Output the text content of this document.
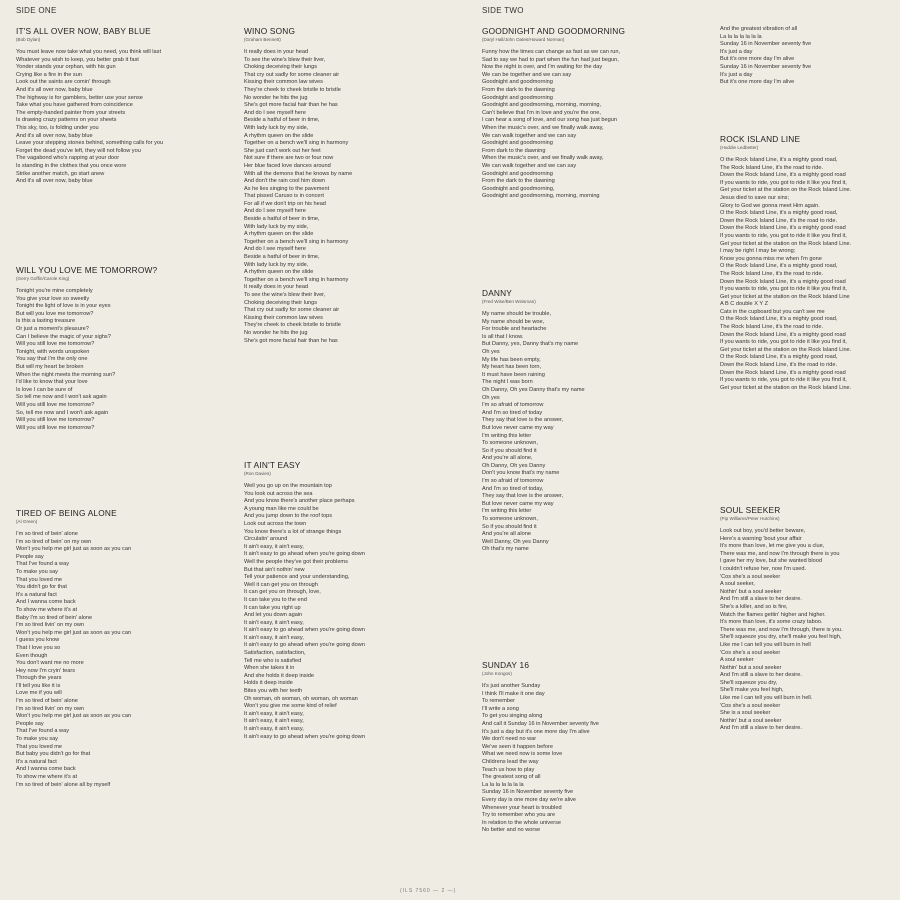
SIDE ONE	SIDE TWO
IT'S ALL OVER NOW, BABY BLUE
(Bob Dylan)
You must leave now take what you need, you think will last
Whatever you wish to keep, you better grab it fast
Yonder stands your orphan, with his gun
Crying like a fire in the sun
Look out the saints are comin' through
And it's all over now, baby blue
The highway is for gamblers, better use your sense
Take what you have gathered from coincidence
The empty-handed painter from your streets
Is drawing crazy patterns on your sheets
This sky, too, is folding under you
And it's all over now, baby blue
Leave your stepping stones behind, something calls for you
Forget the dead you've left, they will not follow you
The vagabond who's rapping at your door
Is standing in the clothes that you once wore
Strike another match, go start anew
And it's all over now, baby blue
WILL YOU LOVE ME TOMORROW?
(Gerry Goffin/Carole King)
Tonight you're mine completely
You give your love so sweetly
Tonight the light of love is in your eyes
But will you love me tomorrow?
Is this a lasting treasure
Or just a moment's pleasure?
Can I believe the magic of your sighs?
Will you still love me tomorrow?
Tonight, with words unspoken
You say that I'm the only one
But will my heart be broken
When the night meets the morning sun?
I'd like to know that your love
Is love I can be sure of
So tell me now and I won't ask again
Will you still love me tomorrow?
So, tell me now and I won't ask again
Will you still love me tomorrow?
Will you still love me tomorrow?
TIRED OF BEING ALONE
(Al Green)
I'm so tired of bein' alone
I'm so tired of bein' on my own
Won't you help me girl just as soon as you can
People say
That I've found a way
To make you say
That you loved me
You didn't go for that
It's a natural fact
And I wanna come back
To show me where it's at
Baby I'm so tired of bein' alone
I'm so tired livin' on my own
Won't you help me girl just as soon as you can
I guess you know
That I love you so
Even though
You don't want me no more
Hey now I'm cryin' tears
Through the years
I'll tell you like it is
Love me if you will
I'm so tired of bein' alone
I'm so tired livin' on my own
Won't you help me girl just as soon as you can
People say
That I've found a way
To make you say
That you loved me
But baby you didn't go for that
It's a natural fact
And I wanna come back
To show me where it's at
I'm so tired of bein' alone all by myself
WINO SONG
(Graham Bennett)
It really does in your head
To see the wine's blew their liver,
Choking deceiving their lungs
That cry out sadly for some cleaner air
Kissing their common law wives
They're cheek to cheek bristle to bristle
No wonder he hits the jug
She's got more facial hair than he has
And do I see myself here
Beside a hatful of beer in time,
With lady luck by my side,
A rhythm queen on the slide
Together on a bench we'll sing in harmony
She just can't work out her feet
Not sure if there are two or four now
Her blue faced love dances around
With all the demons that he knows by name
And don't the rain cool him down
As he lies singing to the pavement
That pissed Caruso is in concert
For all if we don't trip on his head
And do I see myself here
Beside a hatful of beer in time,
With lady luck by my side,
A rhythm queen on the slide
Together on a bench we'll sing in harmony
And do I see myself here
Beside a hatful of beer in time,
With lady luck by my side,
A rhythm queen on the slide
Together on a bench we'll sing in harmony
It really does in your head
To see the wine's blew their liver,
Choking deceiving their lungs
That cry out sadly for some cleaner air
Kissing their common law wives
They're cheek to cheek bristle to bristle
No wonder he hits the jug
She's got more facial hair than he has
IT AIN'T EASY
(Ron Davies)
Well you go up on the mountain top
You look out across the sea
And you know there's another place perhaps
A young man like me could be
And you jump down to the roof tops
Look out across the town
You know there's a lot of strange things
Circulatin' around
It ain't easy, it ain't easy,
It ain't easy to go ahead when you're going down
Well the people they've got their problems
But that ain't nothin' new
Tell your patience and your understanding,
Well it can get you on through
It can get you on through, love,
It can take you to the end
It can take you right up
And let you down again
It ain't easy, it ain't easy,
It ain't easy to go ahead when you're going down
It ain't easy, it ain't easy,
It ain't easy to go ahead when you're going down
Satisfaction, satisfaction,
Tell me who is satisfied
When she takes it in
And she holds it deep inside
Holds it deep inside
Bites you with her teeth
Oh woman, oh woman, oh woman, oh woman
Won't you give me some kind of relief
It ain't easy, it ain't easy,
It ain't easy, it ain't easy,
It ain't easy, it ain't easy,
It ain't easy to go ahead when you're going down
GOODNIGHT AND GOODMORNING
(Daryl Hall/John Oates/Howard Norman)
Funny how the times can change as fast as we can run,
Sad to say we had to part when the fun had just begun,
Now the night is over, and I'm waiting for the day
We can be together and we can say
Goodnight and goodmorning
From the dark to the dawning
Goodnight and goodmorning
Goodnight and goodmorning, morning, morning,
Can't believe that I'm in love and you're the one,
I can hear a song of love, and our song has just begun
When the music's over, and we finally walk away,
We can walk together and we can say
Goodnight and goodmorning
From dark to the dawning
When the music's over, and we finally walk away,
We can walk together and we can say
Goodnight and goodmorning
From the dark to the dawning
Goodnight and goodmorning,
Goodnight and goodmorning, morning, morning
DANNY
(Fred Wise/Ben Weisman)
My name should be trouble,
My name should be woe,
For trouble and heartache
Is all that I know.
But Danny, yes, Danny that's my name
Oh yes
My life has been empty,
My heart has been torn,
It must have been raining
The night I was born
Oh Danny, Oh yes Danny that's my name
Oh yes
I'm so afraid of tomorrow
And I'm so tired of today
They say that love is the answer,
But love never came my way
I'm writing this letter
To someone unknown,
So if you should find it
And you're all alone,
Oh Danny, Oh yes Danny
Don't you know that's my name
I'm so afraid of tomorrow
And I'm so tired of today,
They say that love is the answer,
But love never came my way
I'm writing this letter
To someone unknown,
So if you should find it
And you're all alone
Well Danny, Oh yes Danny
Oh that's my name
SUNDAY 16
(John Kongos)
It's just another Sunday
I think I'll make it one day
To remember
I'll write a song
To get you singing along
And call it Sunday 16 in November seventy five
It's just a day but it's one more day I'm alive
We don't need no war
We've seen it happen before
What we need now is some love
Childrens lead the way
Teach us how to play
The greatest song of all
La la la la la la la
Sunday 16 in November seventy five
Every day is one more day we're alive
Whenever your heart is troubled
Try to remember who you are
In relation to the whole universe
No better and no worse
And the greatest vibration of all
La la la la la la la
Sunday 16 in November seventy five
It's just a day
But it's one more day I'm alive
Sunday 16 in November seventy five
It's just a day
But it's one more day I'm alive
ROCK ISLAND LINE
(Huddie Ledbetter)
O the Rock Island Line, it's a mighty good road,
The Rock Island Line, it's the road to ride.
Down the Rock Island Line, it's a mighty good road
If you wants to ride, you got to ride it like you find it,
Get your ticket at the station on the Rock Island Line.
Jesus died to save our sins;
Glory to God we gonna meet Him again.
O the Rock Island Line, it's a mighty good road,
Down the Rock Island Line, it's the road to ride.
Down the Rock Island Line, it's a mighty good road
If you wants to ride, you got to ride it like you find it,
Get your ticket at the station on the Rock Island Line.
I may be right I may be wrong;
Know you gonna miss me when I'm gone
O the Rock Island Line, it's a mighty good road,
The Rock Island Line, it's the road to ride.
Down the Rock Island Line, it's a mighty good road
If you wants to ride, you got to ride it like you find it,
Get your ticket at the station on the Rock Island Line
A B C double X Y Z
Cats in the cupboard but you can't see me
O the Rock Island Line, it's a mighty good road,
The Rock Island Line, it's the road to ride.
Down the Rock Island Line, it's a mighty good road
If you wants to ride, you got to ride it like you find it,
Get your ticket at the station on the Rock Island Line.
O the Rock Island Line, it's a mighty good road,
Down the Rock Island Line, it's the road to ride.
Down the Rock Island Line, it's a mighty good road
If you wants to ride, you got to ride it like you find it,
Get your ticket at the station on the Rock Island Line.
SOUL SEEKER
(Pip Williams/Peter Hutchins)
Look out boy, you'd better beware,
Here's a warning 'bout your affair
It's more than love, let me give you a clue,
There was me, and now I'm through there is you
I gave her my love, but she wanted blood
I couldn't refuse her, now I'm used.
'Cos she's a soul seeker
A soul seeker,
Nothin' but a soul seeker
And I'm still a slave to her desire.
She's a killer, and so is fire,
Watch the flames gettin' higher and higher.
It's more than love, it's some crazy taboo.
There was me, and now I'm through, there is you.
She'll squeeze you dry, she'll make you feel high,
Like me I can tell you will burn in hell
'Cos she's a soul seeker
A soul seeker
Nothin' but a soul seeker
And I'm still a slave to her desire.
She'll squeeze you dry,
She'll make you feel high,
Like me I can tell you will burn in hell.
'Cos she's a soul seeker
She is a soul seeker
Nothin' but a soul seeker
And I'm still a slave to her desire.
(ILS 7560 — 2 —)
